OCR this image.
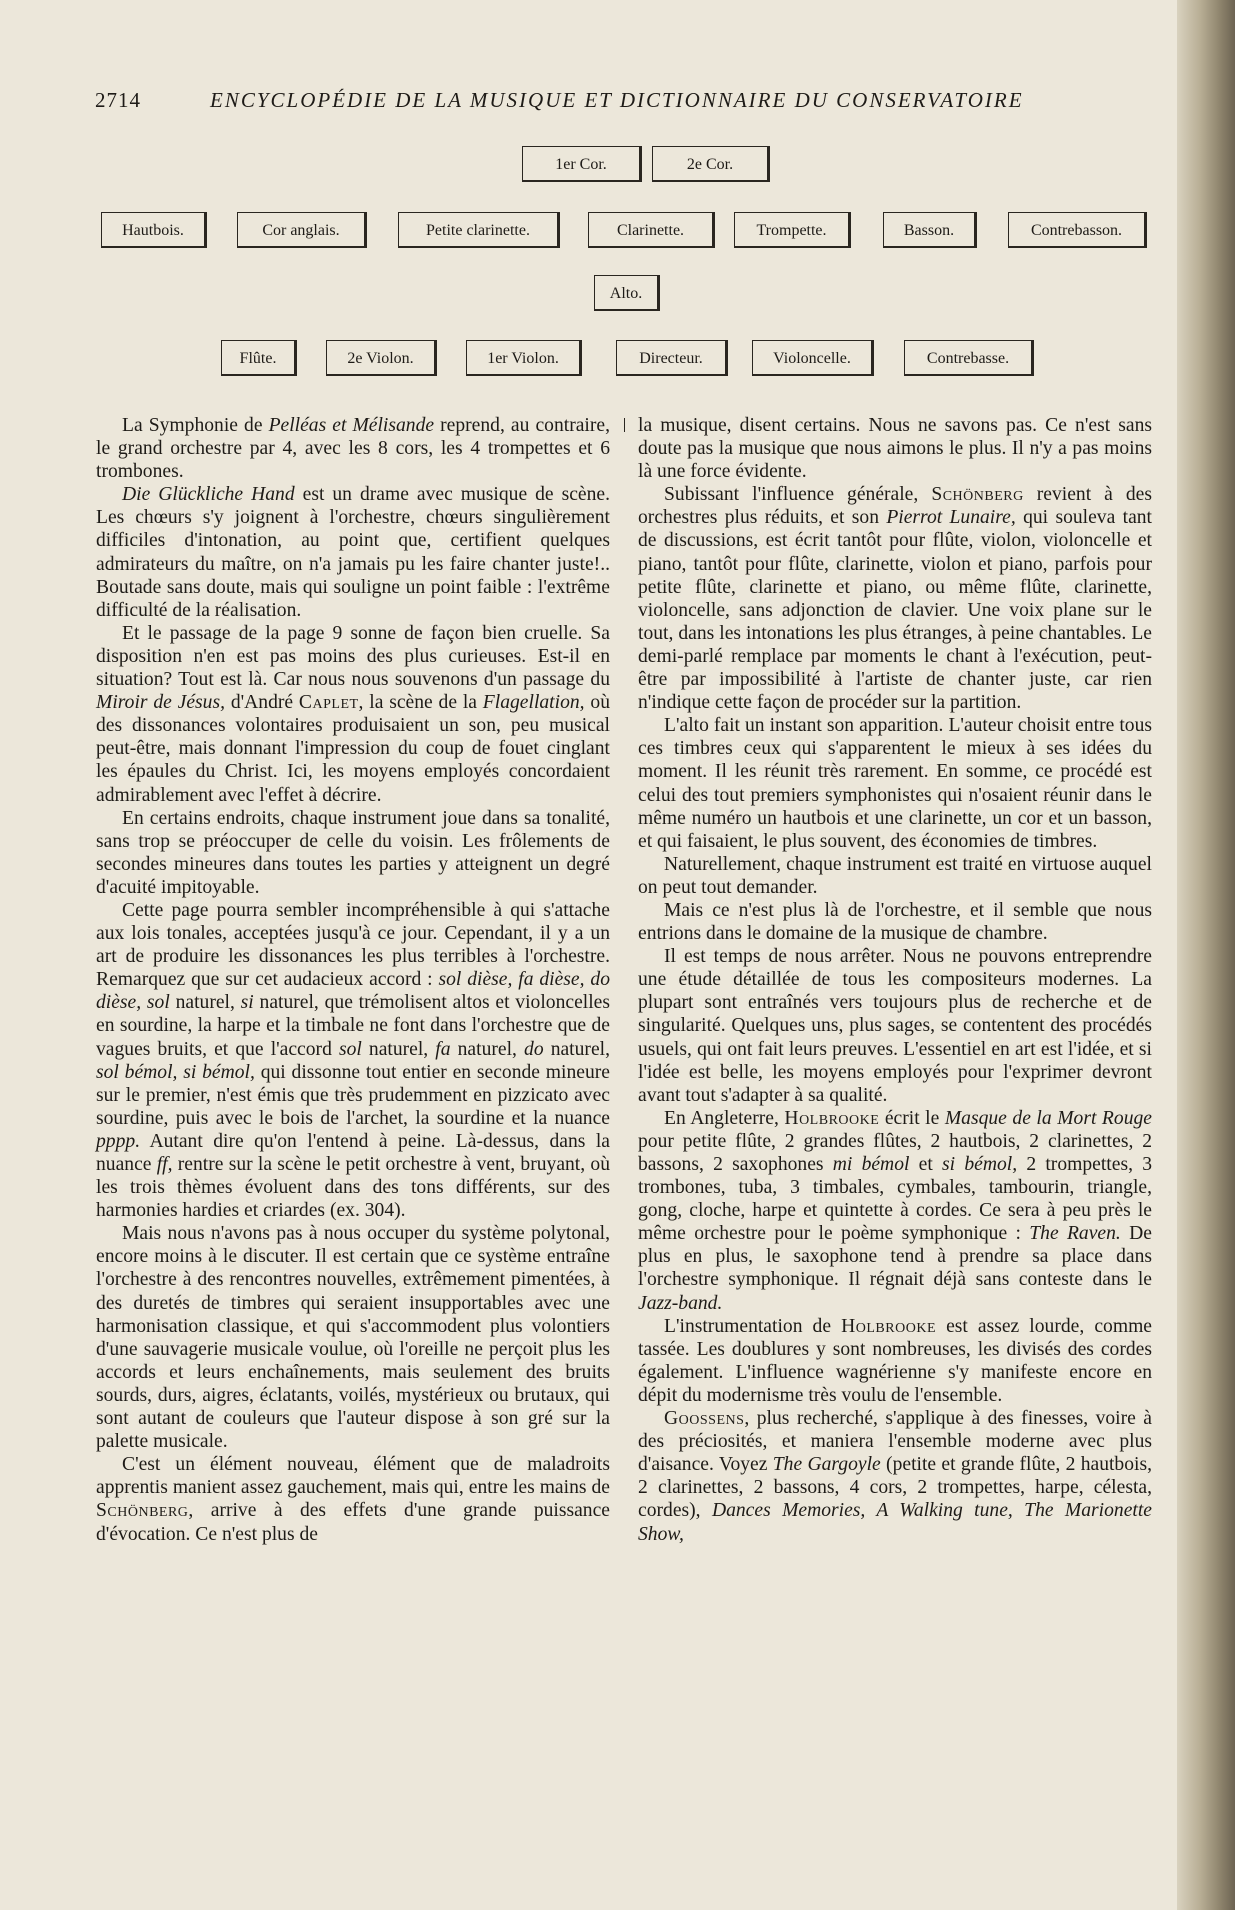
2714	ENCYCLOPÉDIE DE LA MUSIQUE ET DICTIONNAIRE DU CONSERVATOIRE
1er Cor.	2e Cor.
Hautbois.	Cor anglais.	Petite clarinette.	Clarinette.	Trompette.	Basson.	Contrebasson.
Alto.
Flûte.	2e Violon.	1er Violon.	Directeur.	Violoncelle.	Contrebasse.

La Symphonie de Pelléas et Mélisande reprend, au contraire, le grand orchestre par 4, avec les 8 cors, les 4 trompettes et 6 trombones.

Die Glückliche Hand est un drame avec musique de scène. Les chœurs s'y joignent à l'orchestre, chœurs singulièrement difficiles d'intonation, au point que, certifient quelques admirateurs du maître, on n'a jamais pu les faire chanter juste!.. Boutade sans doute, mais qui souligne un point faible : l'extrême difficulté de la réalisation.

Et le passage de la page 9 sonne de façon bien cruelle. Sa disposition n'en est pas moins des plus curieuses. Est-il en situation? Tout est là. Car nous nous souvenons d'un passage du Miroir de Jésus, d'André Caplet, la scène de la Flagellation, où des dissonances volontaires produisaient un son, peu musical peut-être, mais donnant l'impression du coup de fouet cinglant les épaules du Christ. Ici, les moyens employés concordaient admirablement avec l'effet à décrire.

En certains endroits, chaque instrument joue dans sa tonalité, sans trop se préoccuper de celle du voisin. Les frôlements de secondes mineures dans toutes les parties y atteignent un degré d'acuité impitoyable.

Cette page pourra sembler incompréhensible à qui s'attache aux lois tonales, acceptées jusqu'à ce jour. Cependant, il y a un art de produire les dissonances les plus terribles à l'orchestre. Remarquez que sur cet audacieux accord : sol dièse, fa dièse, do dièse, sol naturel, si naturel, que trémolisent altos et violoncelles en sourdine, la harpe et la timbale ne font dans l'orchestre que de vagues bruits, et que l'accord sol naturel, fa naturel, do naturel, sol bémol, si bémol, qui dissonne tout entier en seconde mineure sur le premier, n'est émis que très prudemment en pizzicato avec sourdine, puis avec le bois de l'archet, la sourdine et la nuance pppp. Autant dire qu'on l'entend à peine. Là-dessus, dans la nuance ff, rentre sur la scène le petit orchestre à vent, bruyant, où les trois thèmes évoluent dans des tons différents, sur des harmonies hardies et criardes (ex. 304).

Mais nous n'avons pas à nous occuper du système polytonal, encore moins à le discuter. Il est certain que ce système entraîne l'orchestre à des rencontres nouvelles, extrêmement pimentées, à des duretés de timbres qui seraient insupportables avec une harmonisation classique, et qui s'accommodent plus volontiers d'une sauvagerie musicale voulue, où l'oreille ne perçoit plus les accords et leurs enchaînements, mais seulement des bruits sourds, durs, aigres, éclatants, voilés, mystérieux ou brutaux, qui sont autant de couleurs que l'auteur dispose à son gré sur la palette musicale.

C'est un élément nouveau, élément que de maladroits apprentis manient assez gauchement, mais qui, entre les mains de Schönberg, arrive à des effets d'une grande puissance d'évocation. Ce n'est plus de

la musique, disent certains. Nous ne savons pas. Ce n'est sans doute pas la musique que nous aimons le plus. Il n'y a pas moins là une force évidente.

Subissant l'influence générale, Schönberg revient à des orchestres plus réduits, et son Pierrot Lunaire, qui souleva tant de discussions, est écrit tantôt pour flûte, violon, violoncelle et piano, tantôt pour flûte, clarinette, violon et piano, parfois pour petite flûte, clarinette et piano, ou même flûte, clarinette, violoncelle, sans adjonction de clavier. Une voix plane sur le tout, dans les intonations les plus étranges, à peine chantables. Le demi-parlé remplace par moments le chant à l'exécution, peut-être par impossibilité à l'artiste de chanter juste, car rien n'indique cette façon de procéder sur la partition.

L'alto fait un instant son apparition. L'auteur choisit entre tous ces timbres ceux qui s'apparentent le mieux à ses idées du moment. Il les réunit très rarement. En somme, ce procédé est celui des tout premiers symphonistes qui n'osaient réunir dans le même numéro un hautbois et une clarinette, un cor et un basson, et qui faisaient, le plus souvent, des économies de timbres.

Naturellement, chaque instrument est traité en virtuose auquel on peut tout demander.

Mais ce n'est plus là de l'orchestre, et il semble que nous entrions dans le domaine de la musique de chambre.

Il est temps de nous arrêter. Nous ne pouvons entreprendre une étude détaillée de tous les compositeurs modernes. La plupart sont entraînés vers toujours plus de recherche et de singularité. Quelques uns, plus sages, se contentent des procédés usuels, qui ont fait leurs preuves. L'essentiel en art est l'idée, et si l'idée est belle, les moyens employés pour l'exprimer devront avant tout s'adapter à sa qualité.

En Angleterre, Holbrooke écrit le Masque de la Mort Rouge pour petite flûte, 2 grandes flûtes, 2 hautbois, 2 clarinettes, 2 bassons, 2 saxophones mi bémol et si bémol, 2 trompettes, 3 trombones, tuba, 3 timbales, cymbales, tambourin, triangle, gong, cloche, harpe et quintette à cordes. Ce sera à peu près le même orchestre pour le poème symphonique : The Raven. De plus en plus, le saxophone tend à prendre sa place dans l'orchestre symphonique. Il régnait déjà sans conteste dans le Jazz-band.

L'instrumentation de Holbrooke est assez lourde, comme tassée. Les doublures y sont nombreuses, les divisés des cordes également. L'influence wagnérienne s'y manifeste encore en dépit du modernisme très voulu de l'ensemble.

Goossens, plus recherché, s'applique à des finesses, voire à des préciosités, et maniera l'ensemble moderne avec plus d'aisance. Voyez The Gargoyle (petite et grande flûte, 2 hautbois, 2 clarinettes, 2 bassons, 4 cors, 2 trompettes, harpe, célesta, cordes), Dances Memories, A Walking tune, The Marionette Show,
